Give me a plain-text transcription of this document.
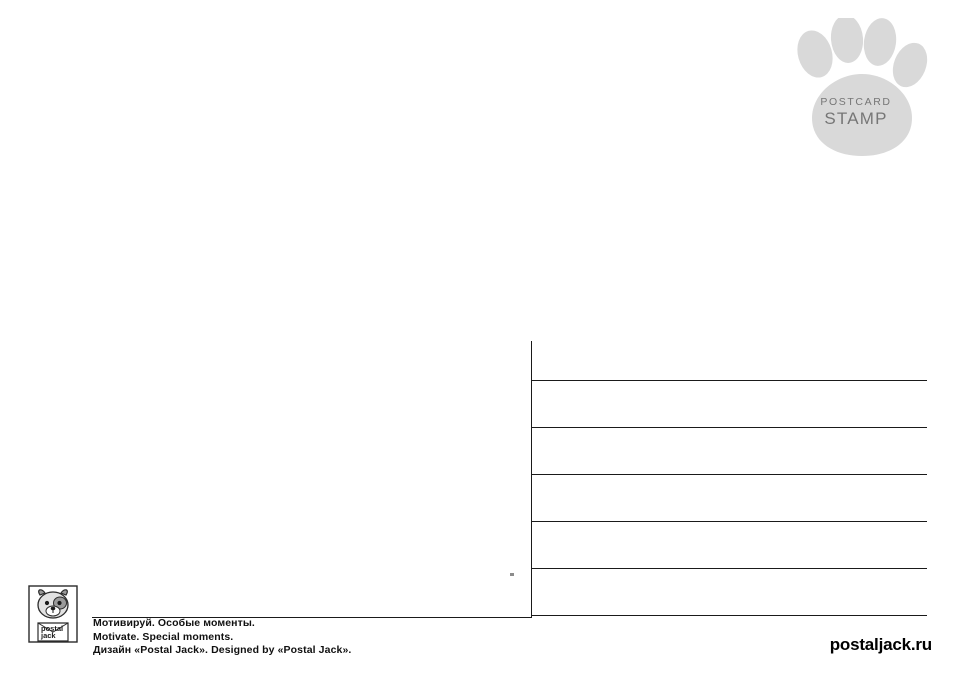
POSTCARD
STAMP
postal
jack
Мотивируй. Особые моменты.
Motivate. Special moments.
Дизайн «Postal Jack». Designed by «Postal Jack».	postaljack.ru
